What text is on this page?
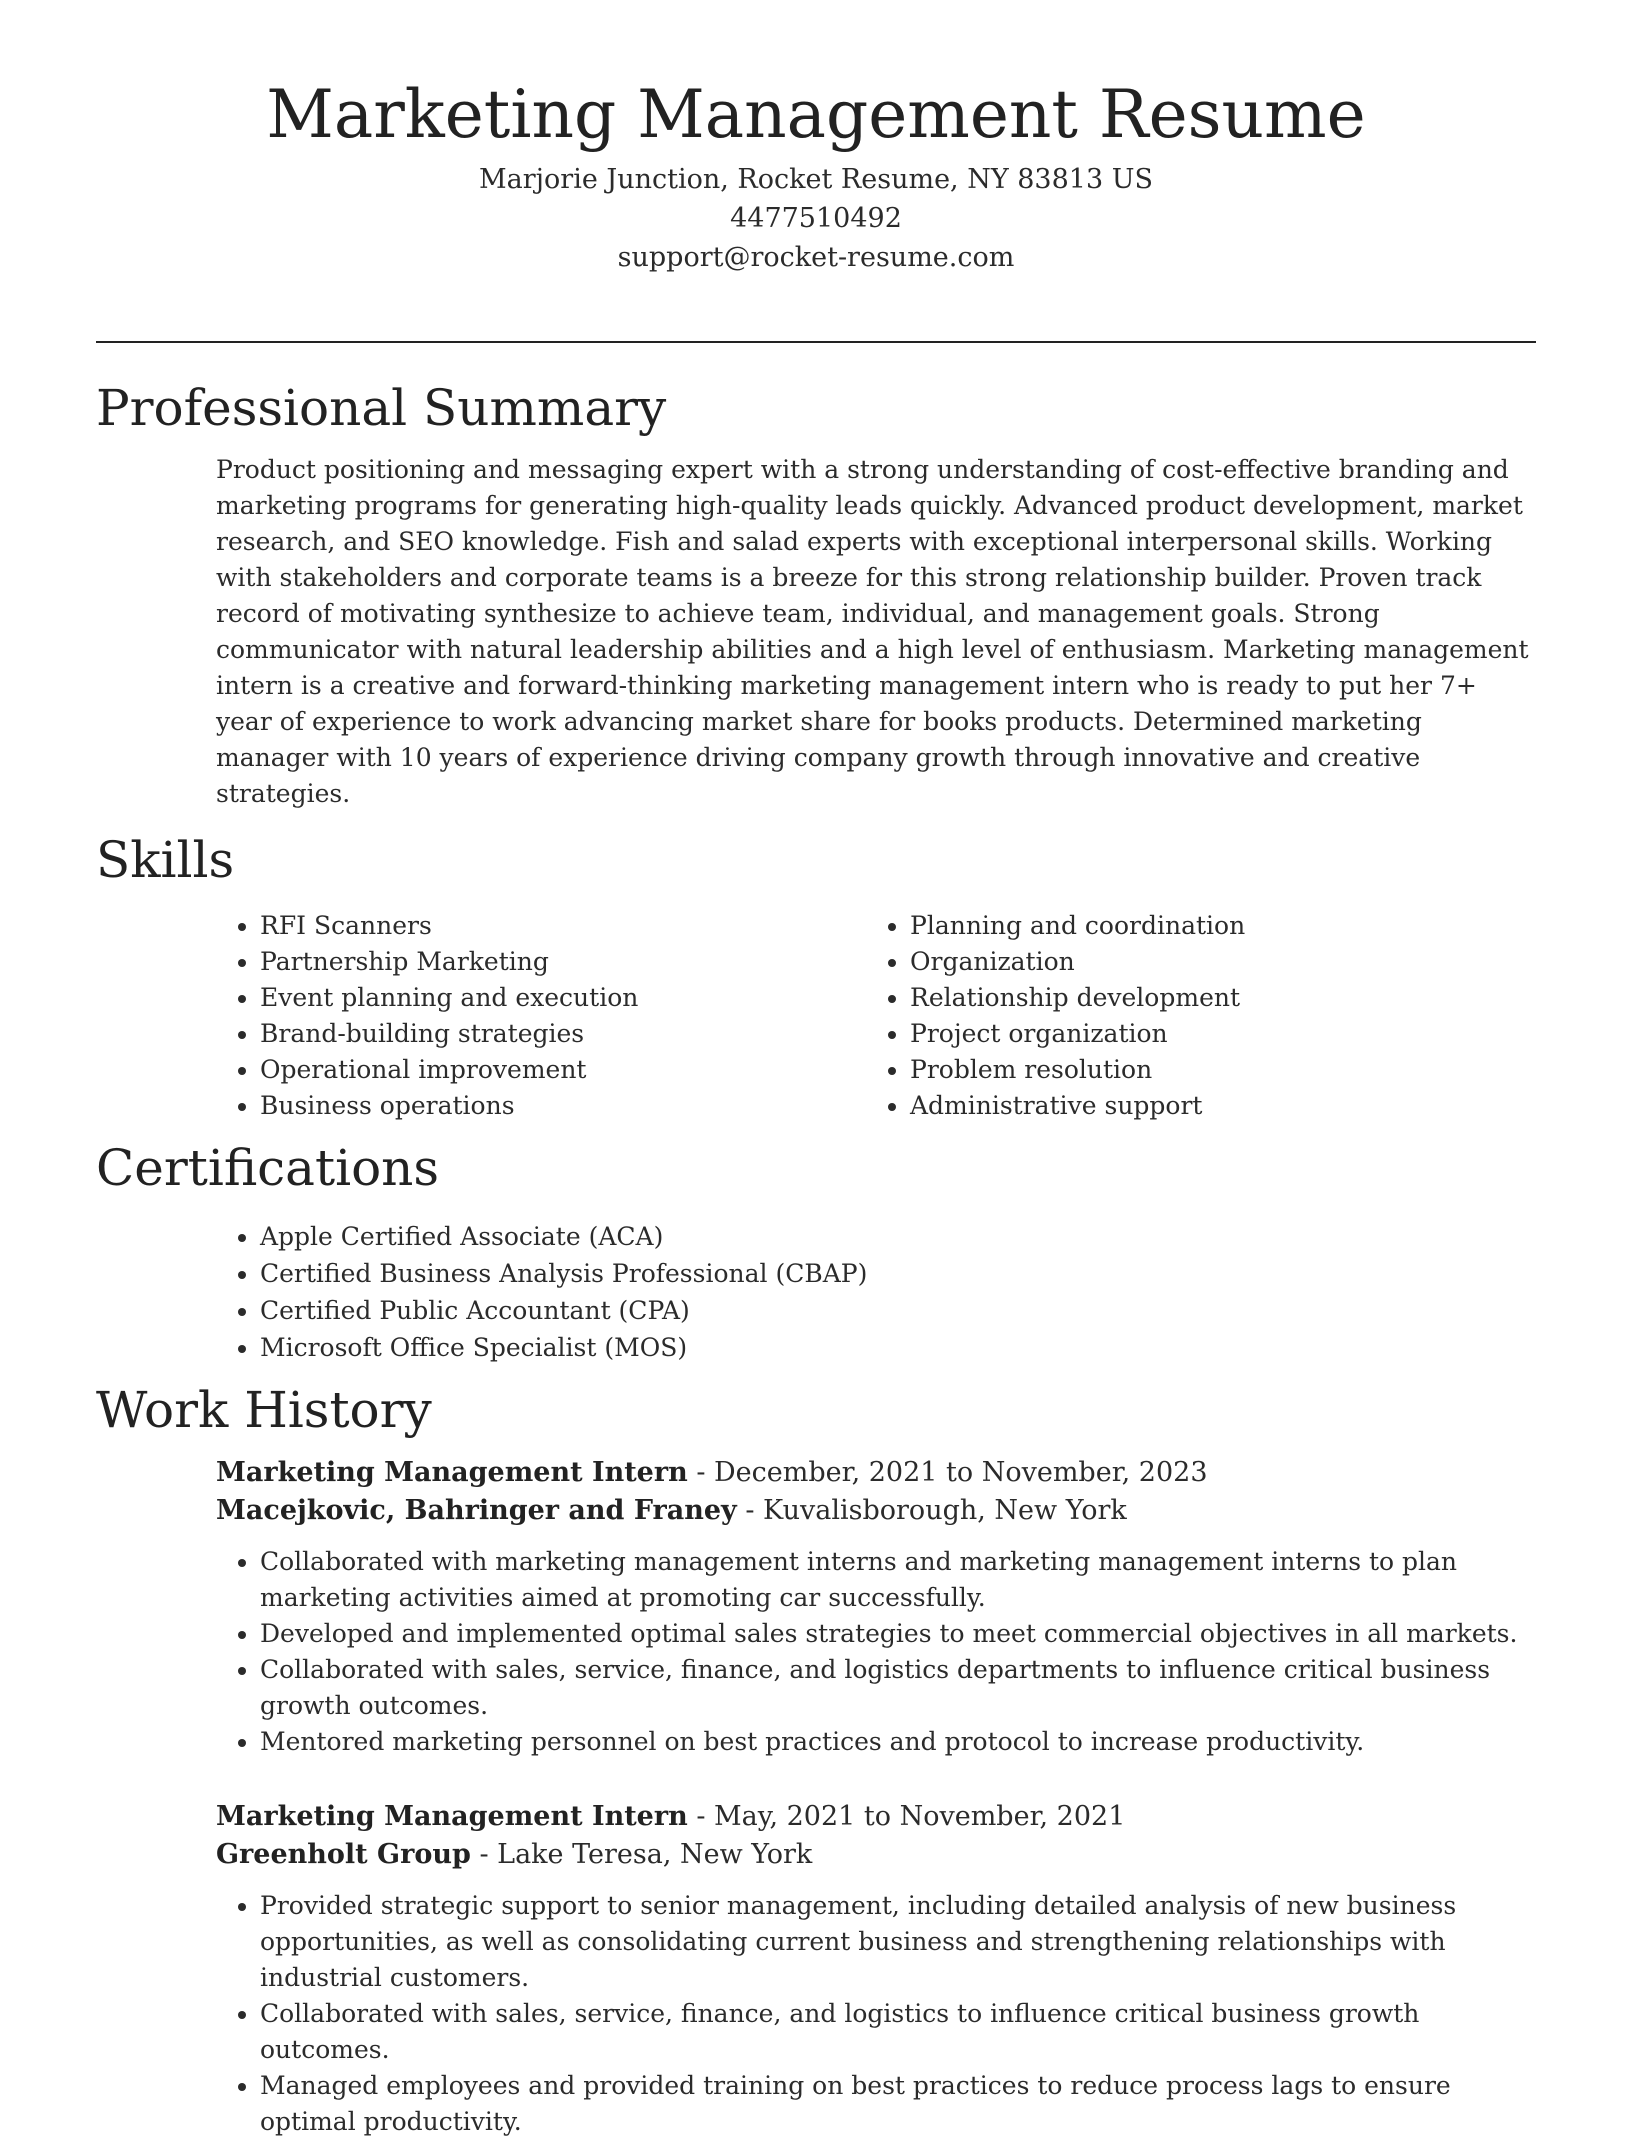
Marketing Management Resume
Marjorie Junction, Rocket Resume, NY 83813 US
4477510492
support@rocket-resume.com
Professional Summary

Product positioning and messaging expert with a strong understanding of cost-effective branding and marketing programs for generating high-quality leads quickly. Advanced product development, market research, and SEO knowledge. Fish and salad experts with exceptional interpersonal skills. Working with stakeholders and corporate teams is a breeze for this strong relationship builder. Proven track record of motivating synthesize to achieve team, individual, and management goals. Strong communicator with natural leadership abilities and a high level of enthusiasm. Marketing management intern is a creative and forward-thinking marketing management intern who is ready to put her 7+ year of experience to work advancing market share for books products. Determined marketing manager with 10 years of experience driving company growth through innovative and creative strategies.

Skills
• RFI Scanners
• Partnership Marketing
• Event planning and execution
• Brand-building strategies
• Operational improvement
• Business operations
• Planning and coordination
• Organization
• Relationship development
• Project organization
• Problem resolution
• Administrative support
Certifications
• Apple Certified Associate (ACA)
• Certified Business Analysis Professional (CBAP)
• Certified Public Accountant (CPA)
• Microsoft Office Specialist (MOS)
Work History
Marketing Management Intern - December, 2021 to November, 2023
Macejkovic, Bahringer and Franey - Kuvalisborough, New York
• Collaborated with marketing management interns and marketing management interns to plan marketing activities aimed at promoting car successfully.
• Developed and implemented optimal sales strategies to meet commercial objectives in all markets.
• Collaborated with sales, service, finance, and logistics departments to influence critical business growth outcomes.
• Mentored marketing personnel on best practices and protocol to increase productivity.
Marketing Management Intern - May, 2021 to November, 2021
Greenholt Group - Lake Teresa, New York
• Provided strategic support to senior management, including detailed analysis of new business opportunities, as well as consolidating current business and strengthening relationships with industrial customers.
• Collaborated with sales, service, finance, and logistics to influence critical business growth outcomes.
• Managed employees and provided training on best practices to reduce process lags to ensure optimal productivity.
